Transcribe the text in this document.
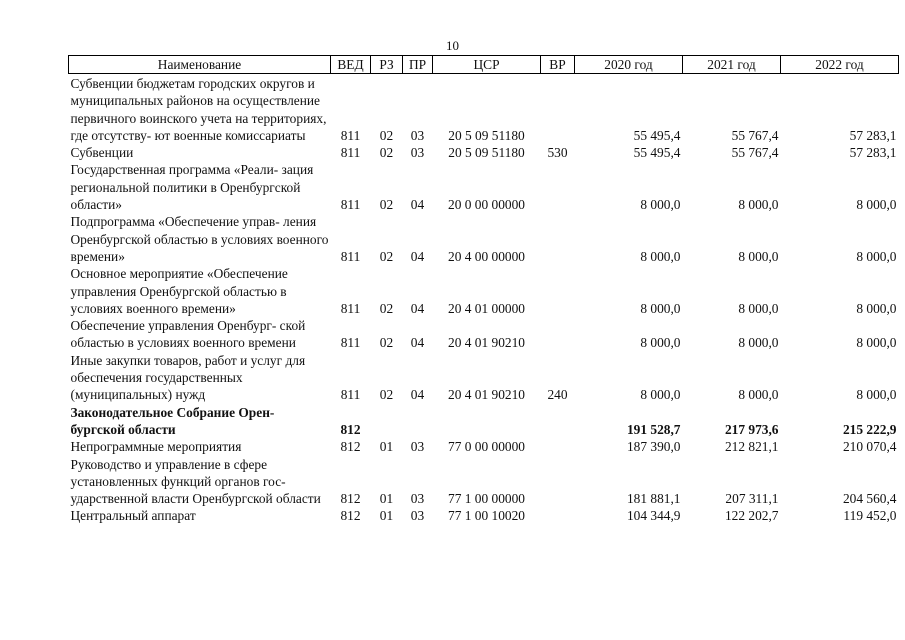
10
Наименование	ВЕД	РЗ	ПР	ЦСР	ВР	2020 год	2021 год	2022 год
Субвенции бюджетам городских округов и муниципальных районов на осуществление первичного воинского учета на территориях, где отсутству- ют военные комиссариаты	811	02	03	20 5 09 51180		55 495,4	55 767,4	57 283,1
Субвенции	811	02	03	20 5 09 51180	530	55 495,4	55 767,4	57 283,1
Государственная программа «Реали- зация региональной политики в Оренбургской области»	811	02	04	20 0 00 00000		8 000,0	8 000,0	8 000,0
Подпрограмма «Обеспечение управ- ления Оренбургской областью в условиях военного времени»	811	02	04	20 4 00 00000		8 000,0	8 000,0	8 000,0
Основное мероприятие «Обеспечение управления Оренбургской областью в условиях военного времени»	811	02	04	20 4 01 00000		8 000,0	8 000,0	8 000,0
Обеспечение управления Оренбург- ской областью в условиях военного времени	811	02	04	20 4 01 90210		8 000,0	8 000,0	8 000,0
Иные закупки товаров, работ и услуг для обеспечения государственных (муниципальных) нужд	811	02	04	20 4 01 90210	240	8 000,0	8 000,0	8 000,0
Законодательное Собрание Орен- бургской области	812					191 528,7	217 973,6	215 222,9
Непрограммные мероприятия	812	01	03	77 0 00 00000		187 390,0	212 821,1	210 070,4
Руководство и управление в сфере установленных функций органов гос- ударственной власти Оренбургской области	812	01	03	77 1 00 00000		181 881,1	207 311,1	204 560,4
Центральный аппарат	812	01	03	77 1 00 10020		104 344,9	122 202,7	119 452,0
